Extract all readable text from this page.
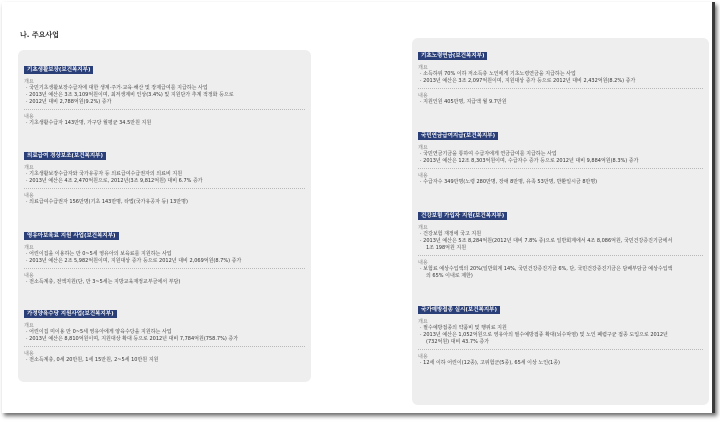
나. 주요사업
기초생활보장(보건복지부)
개요
· 국민기초생활보장수급자에 대한 생계·주거·교육·해산 및 장제급여를 지급하는 사업
· 2013년 예산은 3조 3,109억원이며, 최저생계비 인상(3.4%) 및 지원단가 추계 적정화 등으로
· 2012년 대비 2,788억원(9.2%) 증가
내용
· 기초생활수급자 143만명, 가구당 월평균 34.5만원 지원
의료급여 경상보조(보건복지부)
개요
· 기초생활보장수급자와 국가유공자 등 의료급여수급권자의 의료비 지원
· 2013년 예산은 4조 2,470억원으로, 2012년(3조 9,812억원) 대비 6.7% 증가
내용
· 의료급여수급권자 156만명(기초 143만명, 타법(국가유공자 등) 13만명)
영유아보육료 지원 사업(보건복지부)
개요
· 어린이집을 이용하는 만 0~5세 영유아의 보육료를 지원하는 사업
· 2013년 예산은 2조 5,982억원이며, 지원대상 증가 등으로 2012년 대비 2,069억원(8.7%) 증가
내용
· 전소득계층, 전액지원(단, 만 3~5세는 지방교육재정교부금에서 부담)
가정양육수당 지원사업(보건복지부)
개요
· 어린이집 미이용 만 0~5세 영유아에게 양육수당을 지원하는 사업
· 2013년 예산은 8,810억원이며, 지원대상 확대 등으로 2012년 대비 7,784억원(758.7%) 증가
내용
· 전소득계층, 0세 20만원, 1세 15만원, 2~5세 10만원 지원
기초노령연금(보건복지부)
개요
· 소득하위 70% 이하 저소득층 노인에게 기초노령연금을 지급하는 사업
· 2013년 예산은 3조 2,097억원이며, 지원대상 증가 등으로 2012년 대비 2,432억원(8.2%) 증가
내용
· 지원인원 405만명, 지급액 월 9.7만원
국민연금급여지급(보건복지부)
개요
· 국민연금기금을 통하여 수급자에게 연금급여를 지급하는 사업
· 2013년 예산은 12조 8,303억원이며, 수급자수 증가 등으로 2012년 대비 9,884억원(8.3%) 증가
내용
· 수급자수 349만명(노령 280만명, 장애 8만명, 유족 53만명, 반환일시금 8만명)
건강보험 가입자 지원(보건복지부)
개요
· 건강보험 재정에 국고 지원
· 2013년 예산은 5조 8,284억원(2012년 대비 7.8% 증)으로 일반회계에서 4조 8,086억원, 국민건강증진기금에서
1조 198억원 지원
내용
· 보험료 예상수입액의 20%(일반회계 14%, 국민건강증진기금 6%, 단, 국민건강증진기금은 담배부담금 예상수입액
의 65% 이내로 제한)
국가예방접종 실시(보건복지부)
개요
· 필수예방접종의 약품비 및 행위료 지원
· 2013년 예산은 1,052억원으로 영유아의 필수예방접종 확대(뇌수막염) 및 노인 폐렴구균 접종 도입으로 2012년
(732억원) 대비 43.7% 증가
내용
· 12세 이하 어린이(12종), 고위험군(5종), 65세 이상 노인(1종)
